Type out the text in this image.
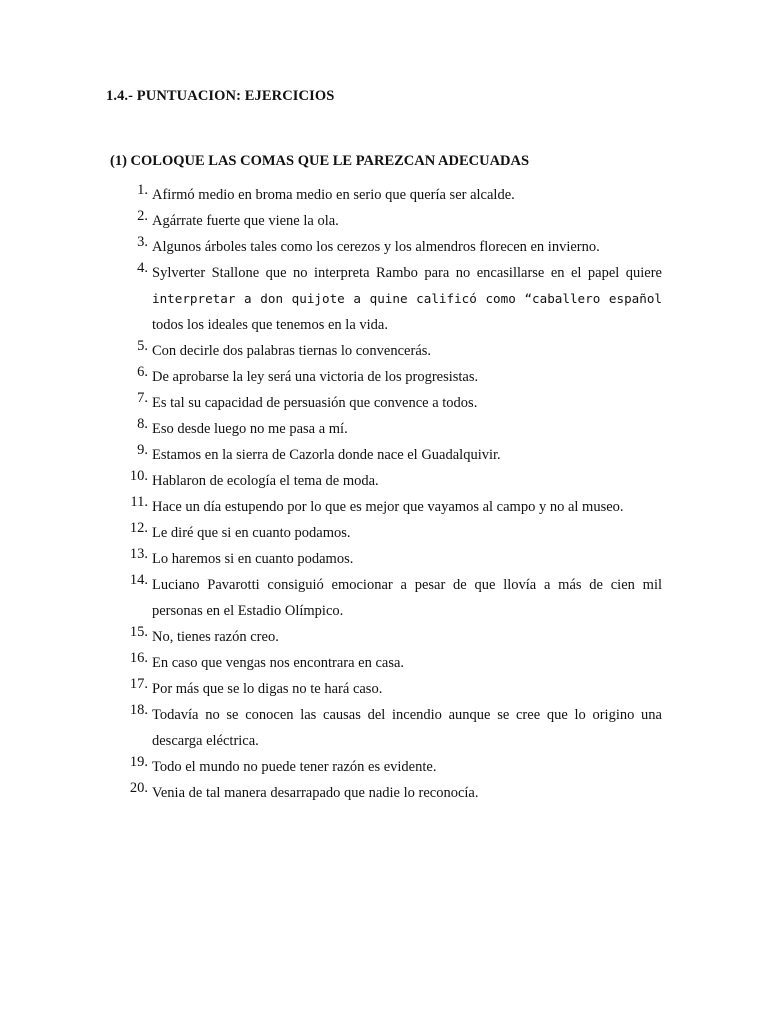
1.4.- PUNTUACION: EJERCICIOS
(1) COLOQUE LAS COMAS QUE LE PAREZCAN ADECUADAS
1. Afirmó medio en broma medio en serio que quería ser alcalde.
2. Agárrate fuerte que viene la ola.
3. Algunos árboles tales como los cerezos y los almendros florecen en invierno.
4. Sylverter Stallone que no interpreta Rambo para no encasillarse en el papel quiere
interpretar a don quijote a quine calificó como “caballero español
todos los ideales que tenemos en la vida.
5. Con decirle dos palabras tiernas lo convencerás.
6. De aprobarse la ley será una victoria de los progresistas.
7. Es tal su capacidad de persuasión que convence a todos.
8. Eso desde luego no me pasa a mí.
9. Estamos en la sierra de Cazorla donde nace el Guadalquivir.
10. Hablaron de ecología el tema de moda.
11. Hace un día estupendo por lo que es mejor que vayamos al campo y no al museo.
12. Le diré que si en cuanto podamos.
13. Lo haremos si en cuanto podamos.
14. Luciano Pavarotti consiguió emocionar a pesar de que llovía a más de cien mil
personas en el Estadio Olímpico.
15. No, tienes razón creo.
16. En caso que vengas nos encontrara en casa.
17. Por más que se lo digas no te hará caso.
18. Todavía no se conocen las causas del incendio aunque se cree que lo origino una
descarga eléctrica.
19. Todo el mundo no puede tener razón es evidente.
20. Venia de tal manera desarrapado que nadie lo reconocía.
